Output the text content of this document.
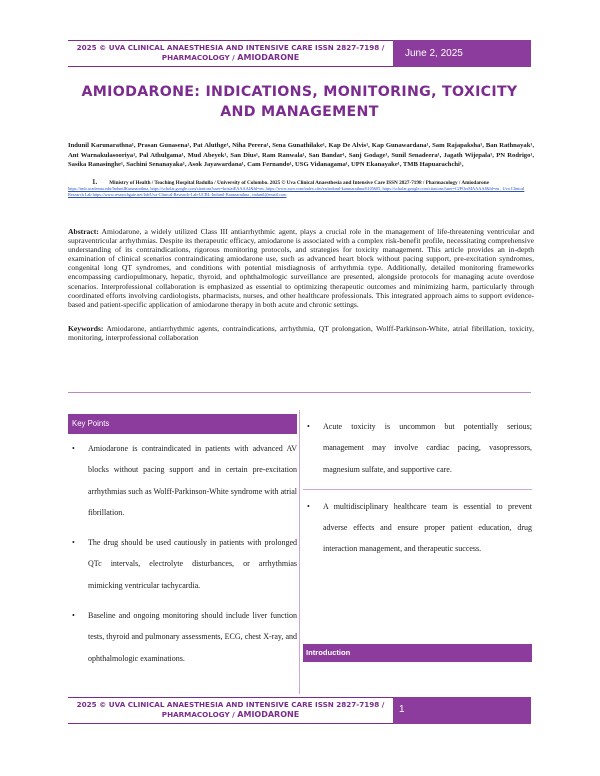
2025 © UVA CLINICAL ANAESTHESIA AND INTENSIVE CARE ISSN 2827-7198 /
PHARMACOLOGY / AMIODARONE	June 2, 2025
AMIODARONE: INDICATIONS, MONITORING, TOXICITY AND MANAGEMENT
Indunil Karunarathna¹, Prasan Gunasena¹, Pat Aluthge¹, Niha Perera¹, Sena Gunathilake¹, Kap De Alvis¹, Kap Gunawardana¹, Sam Rajapaksha¹, Ban Rathnayak¹, Ant Warnakulasooriya¹, Pal Athulgama¹, Mud Abeyek¹, San Dius¹, Ram Ranwala¹, San Bandar¹, Sanj Godage¹, Sunil Senadeera¹, Jagath Wijepala¹, PN Rodrigo¹, Sasika Ranasinghe¹, Sachini Senanayaka¹, Asok Jayawardana¹, Cam Fernando¹, USG Vidanagama¹, UPN Ekanayake¹, TMB Hapuarachchi¹,
1. Ministry of Health / Teaching Hospital Badulla / University of Colombo. 2025 © Uva Clinical Anaesthesia and Intensive Care ISSN 2827-7198 / Pharmacology / Amiodarone
https://tmb.academia.edu/IndunilKarunarathna, https://scholar.google.com/citations?user=brisiaiEAAAAJ&hl=en, https://www.ssrn.com/index.cfm/en/indunil-karunarathna/6105605, https://scholar.google.com/citations?user=CJPOrsMAAAAJ&hl=en , Uva Clinical Research Lab https://www.researchgate.net/lab/Uva-Clinical-Research-Lab-UCRL-Indunil-Karunarathna , indunil@email.com
Abstract: Amiodarone, a widely utilized Class III antiarrhythmic agent, plays a crucial role in the management of life-threatening ventricular and supraventricular arrhythmias. Despite its therapeutic efficacy, amiodarone is associated with a complex risk-benefit profile, necessitating comprehensive understanding of its contraindications, rigorous monitoring protocols, and strategies for toxicity management. This article provides an in-depth examination of clinical scenarios contraindicating amiodarone use, such as advanced heart block without pacing support, pre-excitation syndromes, congenital long QT syndromes, and conditions with potential misdiagnosis of arrhythmia type. Additionally, detailed monitoring frameworks encompassing cardiopulmonary, hepatic, thyroid, and ophthalmologic surveillance are presented, alongside protocols for managing acute overdose scenarios. Interprofessional collaboration is emphasized as essential to optimizing therapeutic outcomes and minimizing harm, particularly through coordinated efforts involving cardiologists, pharmacists, nurses, and other healthcare professionals. This integrated approach aims to support evidence-based and patient-specific application of amiodarone therapy in both acute and chronic settings.
Keywords: Amiodarone, antiarrhythmic agents, contraindications, arrhythmia, QT prolongation, Wolff-Parkinson-White, atrial fibrillation, toxicity, monitoring, interprofessional collaboration
Key Points
• Amiodarone is contraindicated in patients with advanced AV blocks without pacing support and in certain pre-excitation arrhythmias such as Wolff-Parkinson-White syndrome with atrial fibrillation.
• The drug should be used cautiously in patients with prolonged QTc intervals, electrolyte disturbances, or arrhythmias mimicking ventricular tachycardia.
• Baseline and ongoing monitoring should include liver function tests, thyroid and pulmonary assessments, ECG, chest X-ray, and ophthalmologic examinations.
• Acute toxicity is uncommon but potentially serious; management may involve cardiac pacing, vasopressors, magnesium sulfate, and supportive care.
• A multidisciplinary healthcare team is essential to prevent adverse effects and ensure proper patient education, drug interaction management, and therapeutic success.
Introduction
2025 © UVA CLINICAL ANAESTHESIA AND INTENSIVE CARE ISSN 2827-7198 /
PHARMACOLOGY / AMIODARONE	1
